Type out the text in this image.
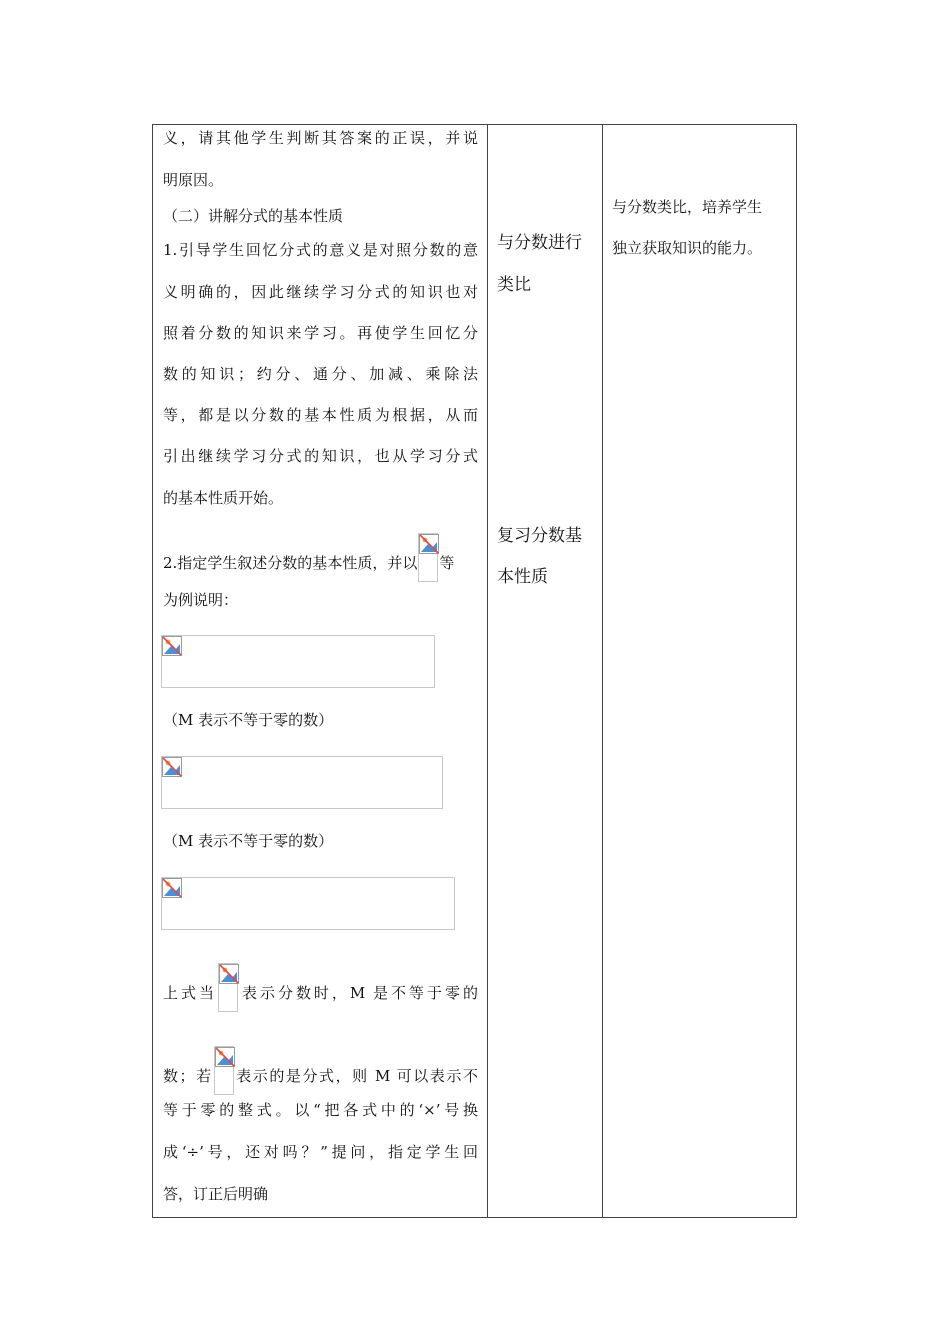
义，请其他学生判断其答案的正误，并说
明原因。
（二）讲解分式的基本性质
1.引导学生回忆分式的意义是对照分数的意
义明确的，因此继续学习分式的知识也对
照着分数的知识来学习。再使学生回忆分
数的知识；约分、通分、加减、乘除法
等，都是以分数的基本性质为根据，从而
引出继续学习分式的知识，也从学习分式
的基本性质开始。
2.指定学生叙述分数的基本性质，并以 等
为例说明：
（M 表示不等于零的数）
（M 表示不等于零的数）
上式当 表示分数时，M 是不等于零的
数；若 表示的是分式，则 M 可以表示不
等于零的整式。以“把各式中的‘×’号换
成‘÷’号，还对吗？”提问，指定学生回
答，订正后明确
与分数进行
类比
复习分数基
本性质
与分数类比，培养学生
独立获取知识的能力。
